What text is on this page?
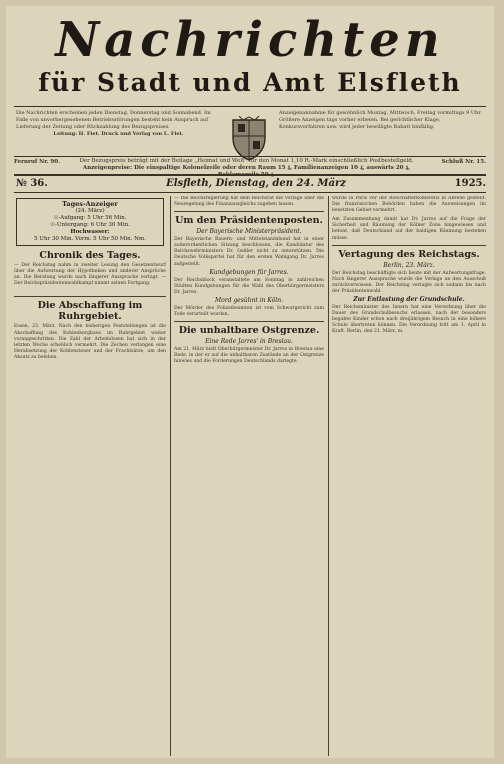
Nachrichten
für Stadt und Amt Elsfleth
Die Nachrichten erscheinen jeden Dienstag, Donnerstag und Sonnabend. Im Falle von unvorhergesehenen Betriebsstörungen besteht kein Anspruch auf Lieferung der Zeitung oder Rückzahlung des Bezugspreises.
Leitung: H. Fiet. Druck und Verlag von L. Fiet.
Anzeigenannahme für gewöhnlich Montag, Mittwoch, Freitag vormittags 9 Uhr. Größere Anzeigen tags vorher erbeten. Bei gerichtlicher Klage, Konkursverfahren usw. wird jeder bewilligte Rabatt hinfällig.
Fernruf Nr. 90.	Der Bezugspreis beträgt mit der Beilage „Heimat und Welt“ für den Monat 1,10 R.-Mark einschließlich Postbestellgeld.
Anzeigenpreise: Die einspaltige Kolonelzeile oder deren Raum 15 ₰, Familienanzeigen 10 ₰, auswärts 20 ₰, Reklamezeile 50 ₰.
Schluß Nr. 15.
№ 36.	Elsfleth, Dienstag, den 24. März	1925.
Tages-Anzeiger
(24. März)
☉-Aufgang: 5 Uhr 56 Min.
☉-Untergang: 6 Uhr 30 Min.
Hochwasser:
5 Uhr 30 Min. Vorm. 5 Uhr 50 Min. Nm.
Chronik des Tages.
— Der Reichstag nahm in zweiter Lesung den Gesetzentwurf über die Aufwertung der Hypotheken und anderer Ansprüche an. Die Beratung wurde nach längerer Aussprache vertagt. — Der Reichspräsidentenwahlkampf nimmt seinen Fortgang.
Die Abschaffung im Ruhrgebiet.
Essen, 23. März. Nach den bisherigen Feststellungen ist die Abschaffung des Kohlenbergbaus im Ruhrgebiet weiter vorangeschritten. Die Zahl der Arbeitslosen hat sich in der letzten Woche erheblich vermehrt. Die Zechen verlangen eine Herabsetzung der Kohlensteuer und der Frachtsätze, um den Absatz zu beleben.
— Die Reichsregierung hat dem Reichsrat die Vorlage über die Neuregelung des Finanzausgleichs zugehen lassen.
Um den Präsidentenposten.
Der Bayerische Ministerpräsident.
Der Bayerische Bauern- und Mittelstandsbund hat in einer außerordentlichen Sitzung beschlossen, die Kandidatur des Reichswehrministers Dr. Geßler nicht zu unterstützen. Die Deutsche Volkspartei hat für den ersten Wahlgang Dr. Jarres aufgestellt.
Kundgebungen für Jarres.
Der Reichsblock veranstaltete am Sonntag in zahlreichen Städten Kundgebungen für die Wahl des Oberbürgermeisters Dr. Jarres.
Mord gesühnt in Köln.
Der Mörder des Polizeibeamten ist vom Schwurgericht zum Tode verurteilt worden.
Die unhaltbare Ostgrenze.
Eine Rede Jarres' in Breslau.
Am 21. März hielt Oberbürgermeister Dr. Jarres in Breslau eine Rede, in der er auf die unhaltbaren Zustände an der Ostgrenze hinwies und die Forderungen Deutschlands darlegte.
wurde in Paris vor der Botschafterkonferenz in Abrede gestellt. Die französischen Behörden haben die Ausweisungen im besetzten Gebiet vermehrt.
Am Zusammenhang damit hat Dr. Jarres auf die Frage der Sicherheit und Räumung der Kölner Zone hingewiesen und betont, daß Deutschland auf der baldigen Räumung bestehen müsse.
Vertagung des Reichstags.
Berlin, 23. März.
Der Reichstag beschäftigte sich heute mit der Aufwertungsfrage. Nach längerer Aussprache wurde die Vorlage an den Ausschuß zurückverwiesen. Der Reichstag vertagte sich sodann bis nach der Präsidentenwahl.
Zur Entlastung der Grundschule.
Der Reichsminister des Innern hat eine Verordnung über die Dauer des Grundschulbesuchs erlassen, nach der besonders begabte Kinder schon nach dreijährigem Besuch in eine höhere Schule übertreten können. Die Verordnung tritt am 1. April in Kraft. Berlin, den 21. März, m.
